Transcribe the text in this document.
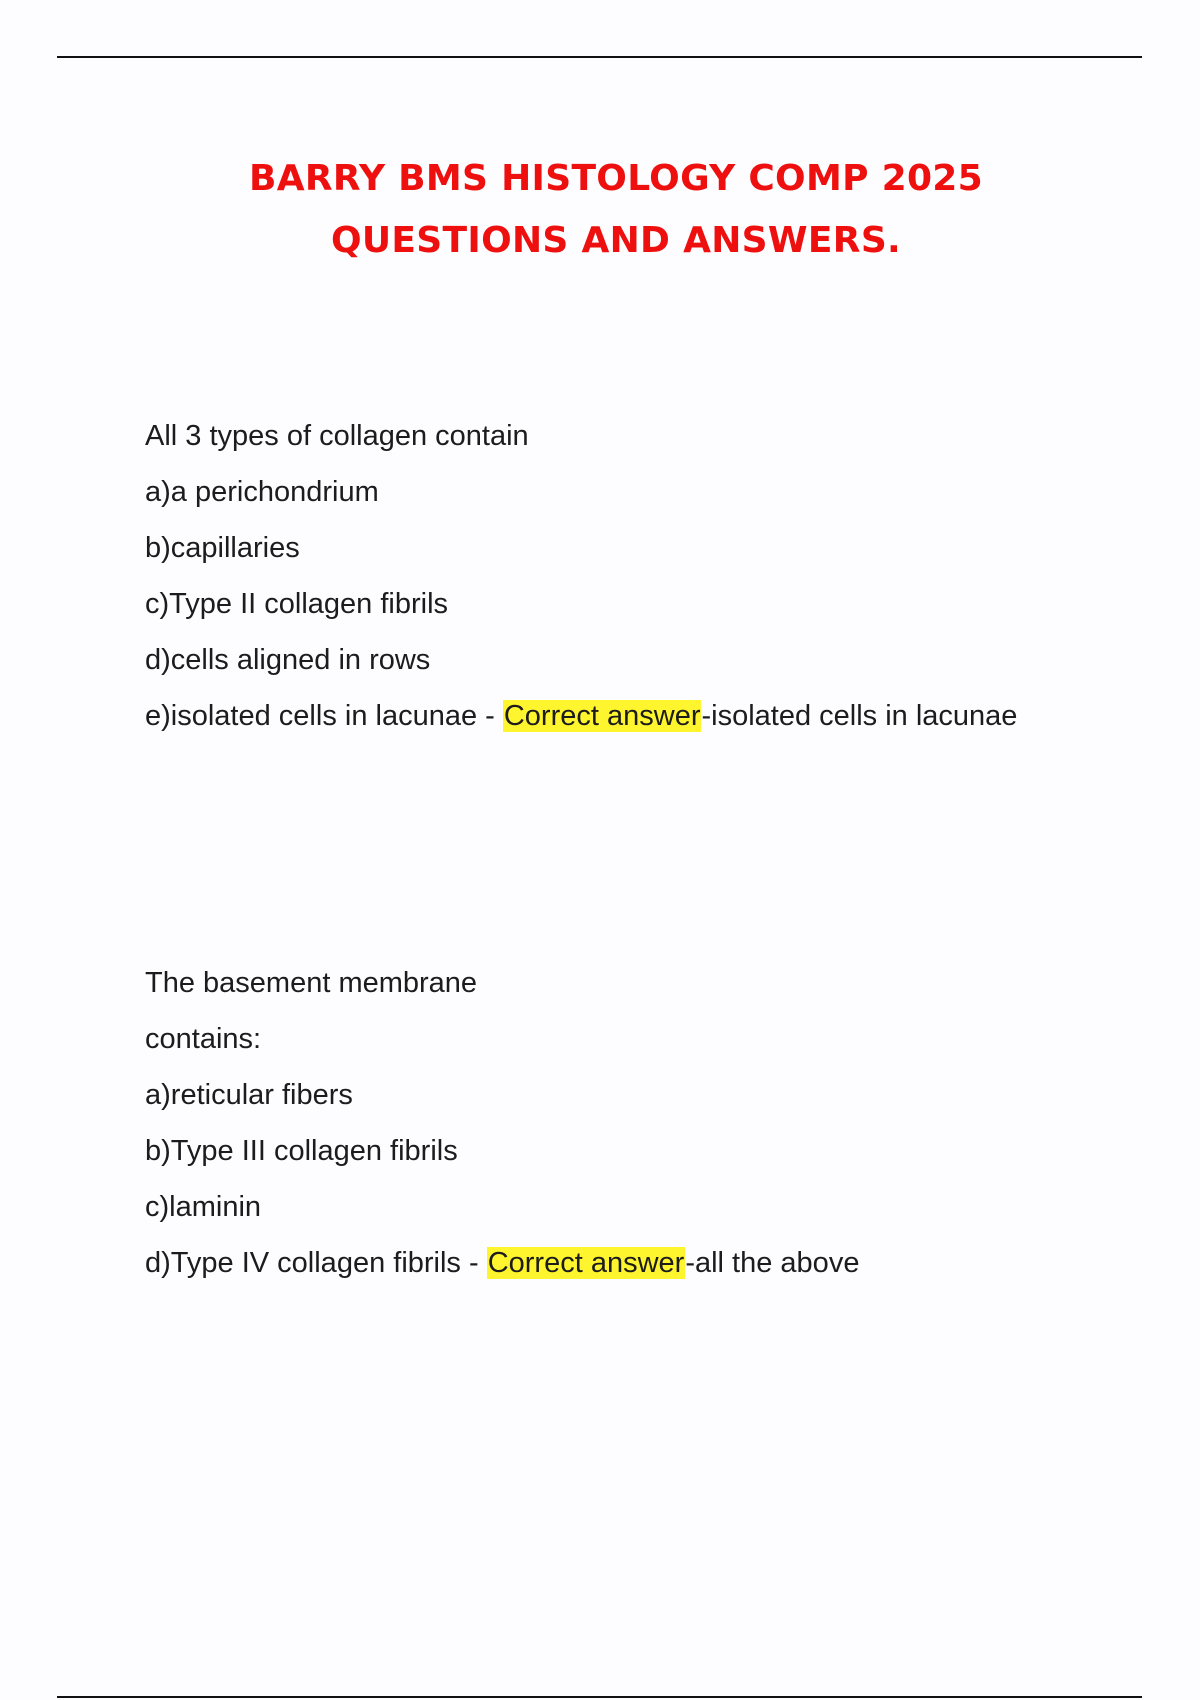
BARRY BMS HISTOLOGY COMP 2025
QUESTIONS AND ANSWERS.
All 3 types of collagen contain
a)a perichondrium
b)capillaries
c)Type II collagen fibrils
d)cells aligned in rows
e)isolated cells in lacunae - Correct answer-isolated cells in lacunae
The basement membrane
contains:
a)reticular fibers
b)Type III collagen fibrils
c)laminin
d)Type IV collagen fibrils - Correct answer-all the above
